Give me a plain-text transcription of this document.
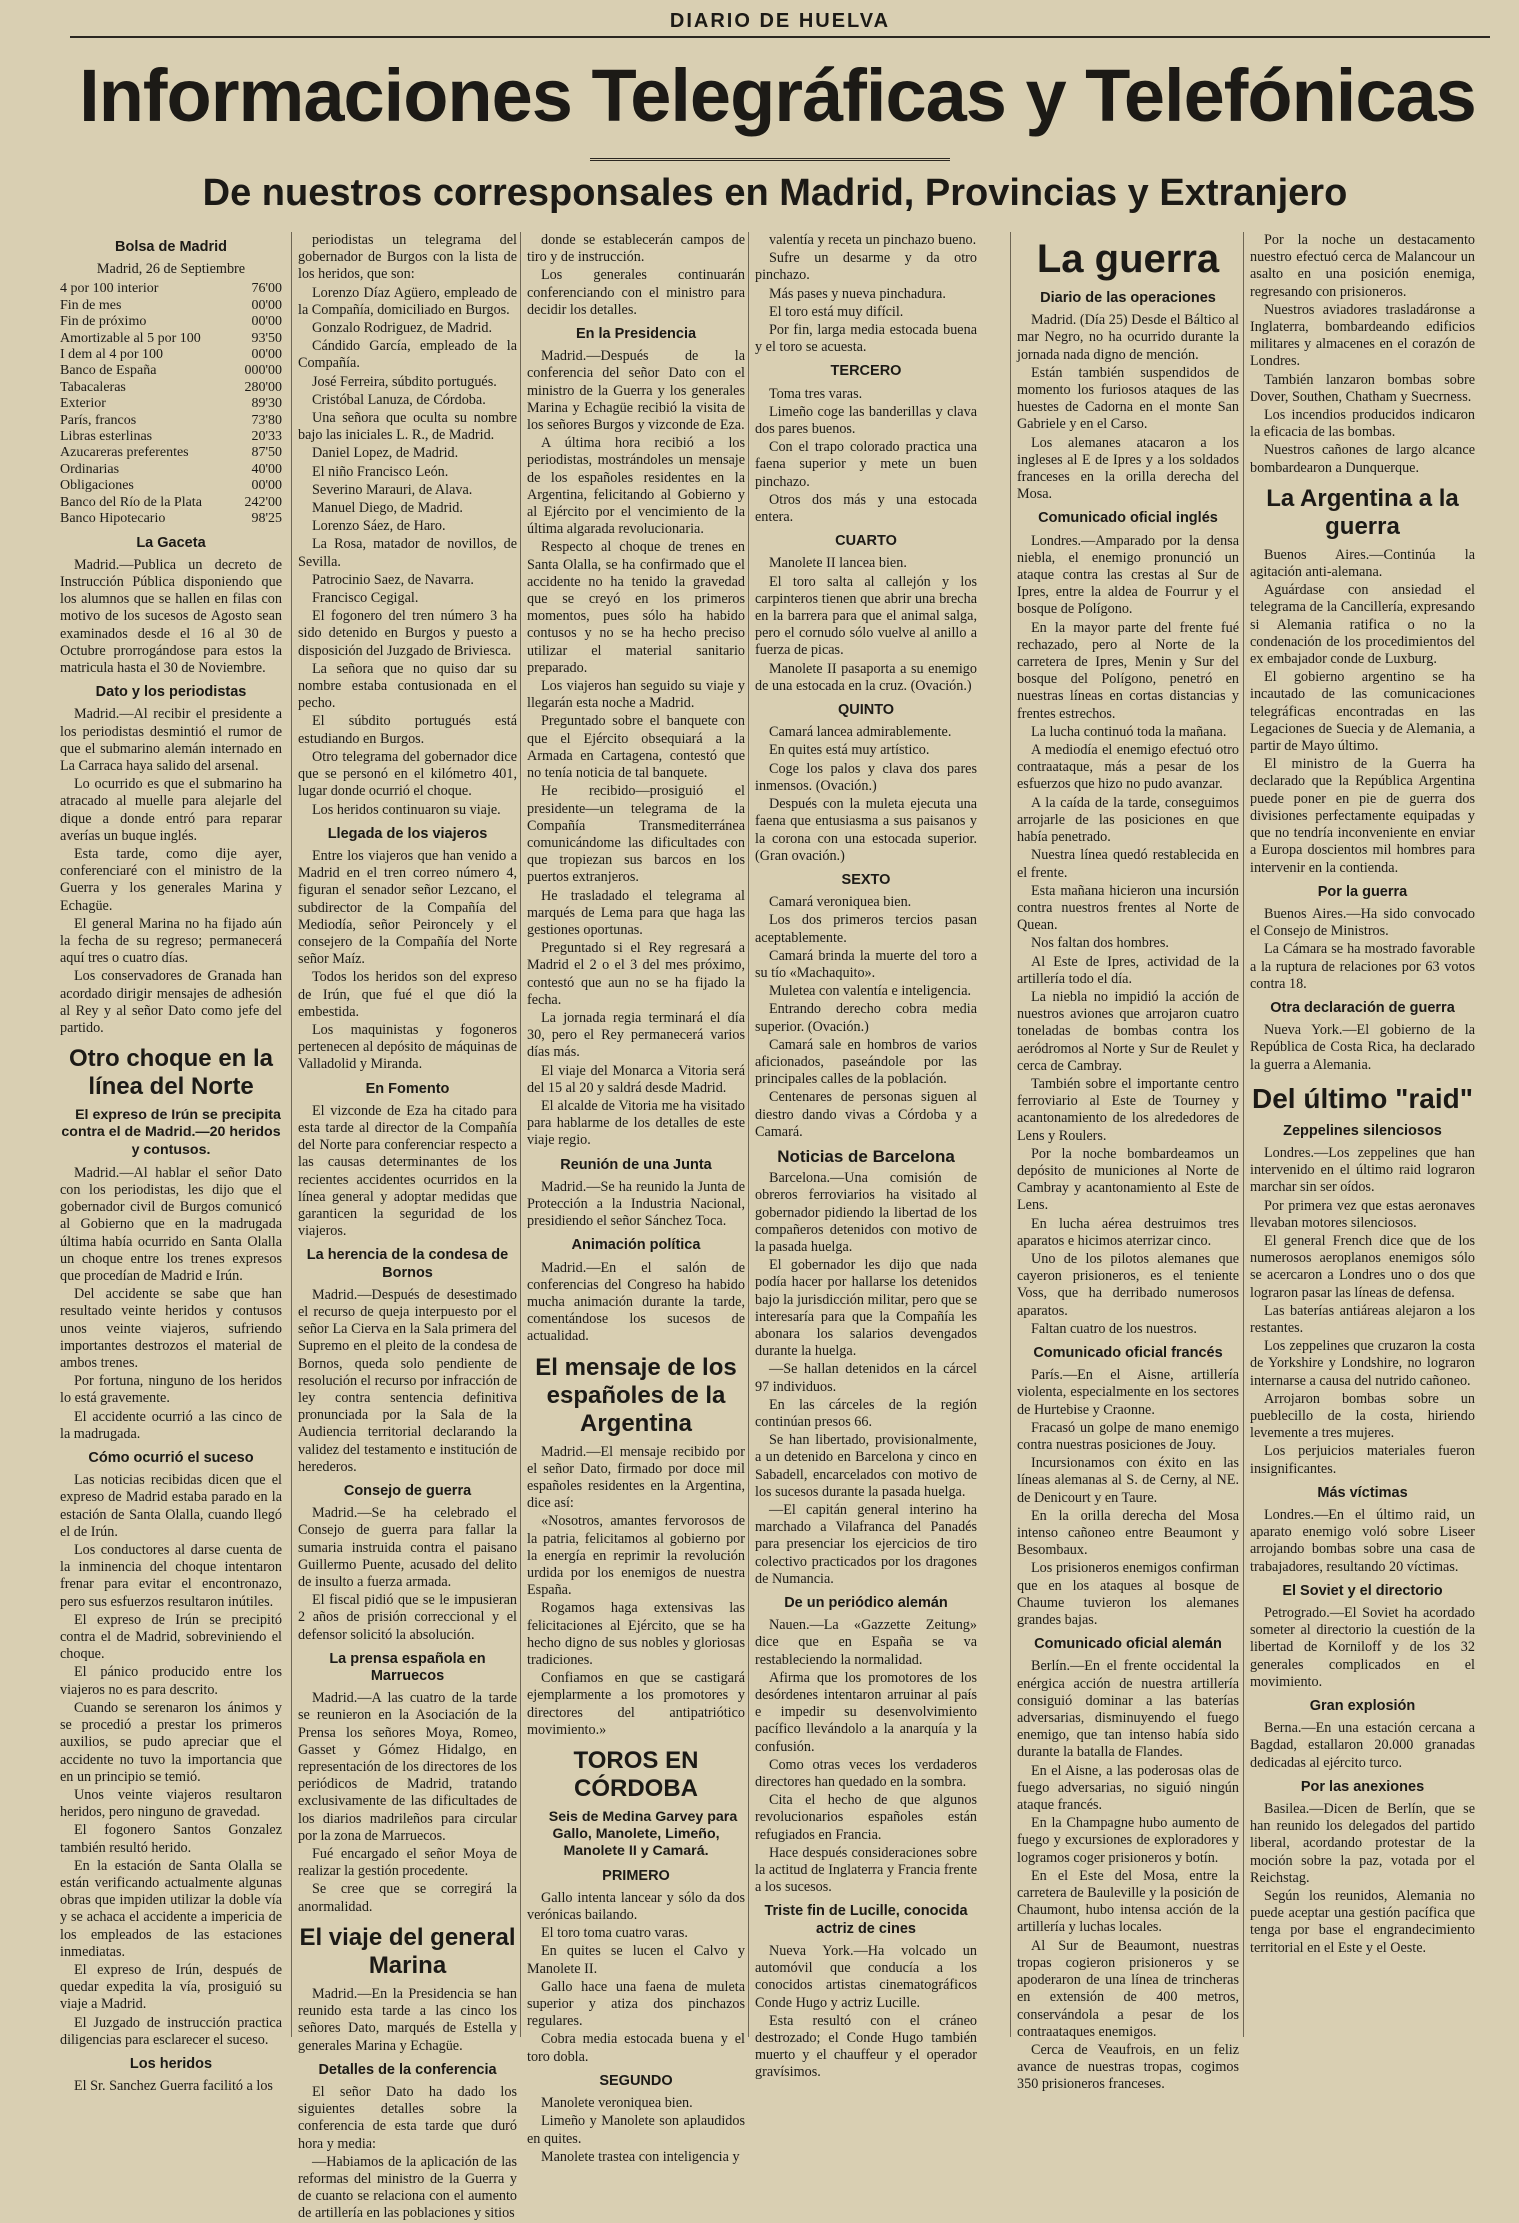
DIARIO DE HUELVA
Informaciones Telegráficas y Telefónicas
De nuestros corresponsales en Madrid, Provincias y Extranjero
Bolsa de Madrid

Madrid, 26 de Septiembre

4 por 100 interior	76'00
Fin de mes	00'00
Fin de próximo	00'00
Amortizable al 5 por 100	93'50
I dem al 4 por 100	00'00
Banco de España	000'00
Tabacaleras	280'00
Exterior	89'30
París, francos	73'80
Libras esterlinas	20'33
Azucareras preferentes	87'50
Ordinarias	40'00
Obligaciones	00'00
Banco del Río de la Plata	242'00
Banco Hipotecario	98'25
La Gaceta

Madrid.—Publica un decreto de Instrucción Pública disponiendo que los alumnos que se hallen en filas con motivo de los sucesos de Agosto sean examinados desde el 16 al 30 de Octubre prorrogándose para estos la matricula hasta el 30 de Noviembre.

Dato y los periodistas

Madrid.—Al recibir el presidente a los periodistas desmintió el rumor de que el submarino alemán internado en La Carraca haya salido del arsenal.

Lo ocurrido es que el submarino ha atracado al muelle para alejarle del dique a donde entró para reparar averías un buque inglés.

Esta tarde, como dije ayer, conferenciaré con el ministro de la Guerra y los generales Marina y Echagüe.

El general Marina no ha fijado aún la fecha de su regreso; permanecerá aquí tres o cuatro días.

Los conservadores de Granada han acordado dirigir mensajes de adhesión al Rey y al señor Dato como jefe del partido.

Otro choque en la línea del Norte

El expreso de Irún se precipita contra el de Madrid.—20 heridos y contusos.

Madrid.—Al hablar el señor Dato con los periodistas, les dijo que el gobernador civil de Burgos comunicó al Gobierno que en la madrugada última había ocurrido en Santa Olalla un choque entre los trenes expresos que procedían de Madrid e Irún.

Del accidente se sabe que han resultado veinte heridos y contusos unos veinte viajeros, sufriendo importantes destrozos el material de ambos trenes.

Por fortuna, ninguno de los heridos lo está gravemente.

El accidente ocurrió a las cinco de la madrugada.

Cómo ocurrió el suceso

Las noticias recibidas dicen que el expreso de Madrid estaba parado en la estación de Santa Olalla, cuando llegó el de Irún.

Los conductores al darse cuenta de la inminencia del choque intentaron frenar para evitar el encontronazo, pero sus esfuerzos resultaron inútiles.

El expreso de Irún se precipitó contra el de Madrid, sobreviniendo el choque.

El pánico producido entre los viajeros no es para descrito.

Cuando se serenaron los ánimos y se procedió a prestar los primeros auxilios, se pudo apreciar que el accidente no tuvo la importancia que en un principio se temió.

Unos veinte viajeros resultaron heridos, pero ninguno de gravedad.

El fogonero Santos Gonzalez también resultó herido.

En la estación de Santa Olalla se están verificando actualmente algunas obras que impiden utilizar la doble vía y se achaca el accidente a impericia de los empleados de las estaciones inmediatas.

El expreso de Irún, después de quedar expedita la vía, prosiguió su viaje a Madrid.

El Juzgado de instrucción practica diligencias para esclarecer el suceso.

Los heridos

El Sr. Sanchez Guerra facilitó a los

periodistas un telegrama del gobernador de Burgos con la lista de los heridos, que son:

Lorenzo Díaz Agüero, empleado de la Compañía, domiciliado en Burgos.

Gonzalo Rodriguez, de Madrid.

Cándido García, empleado de la Compañía.

José Ferreira, súbdito portugués.

Cristóbal Lanuza, de Córdoba.

Una señora que oculta su nombre bajo las iniciales L. R., de Madrid.

Daniel Lopez, de Madrid.

El niño Francisco León.

Severino Marauri, de Alava.

Manuel Diego, de Madrid.

Lorenzo Sáez, de Haro.

La Rosa, matador de novillos, de Sevilla.

Patrocinio Saez, de Navarra.

Francisco Cegigal.

El fogonero del tren número 3 ha sido detenido en Burgos y puesto a disposición del Juzgado de Briviesca.

La señora que no quiso dar su nombre estaba contusionada en el pecho.

El súbdito portugués está estudiando en Burgos.

Otro telegrama del gobernador dice que se personó en el kilómetro 401, lugar donde ocurrió el choque.

Los heridos continuaron su viaje.

Llegada de los viajeros

Entre los viajeros que han venido a Madrid en el tren correo número 4, figuran el senador señor Lezcano, el subdirector de la Compañía del Mediodía, señor Peironcely y el consejero de la Compañía del Norte señor Maíz.

Todos los heridos son del expreso de Irún, que fué el que dió la embestida.

Los maquinistas y fogoneros pertenecen al depósito de máquinas de Valladolid y Miranda.

En Fomento

El vizconde de Eza ha citado para esta tarde al director de la Compañía del Norte para conferenciar respecto a las causas determinantes de los recientes accidentes ocurridos en la línea general y adoptar medidas que garanticen la seguridad de los viajeros.

La herencia de la condesa de Bornos

Madrid.—Después de desestimado el recurso de queja interpuesto por el señor La Cierva en la Sala primera del Supremo en el pleito de la condesa de Bornos, queda solo pendiente de resolución el recurso por infracción de ley contra sentencia definitiva pronunciada por la Sala de la Audiencia territorial declarando la validez del testamento e institución de herederos.

Consejo de guerra

Madrid.—Se ha celebrado el Consejo de guerra para fallar la sumaria instruida contra el paisano Guillermo Puente, acusado del delito de insulto a fuerza armada.

El fiscal pidió que se le impusieran 2 años de prisión correccional y el defensor solicitó la absolución.

La prensa española en Marruecos

Madrid.—A las cuatro de la tarde se reunieron en la Asociación de la Prensa los señores Moya, Romeo, Gasset y Gómez Hidalgo, en representación de los directores de los periódicos de Madrid, tratando exclusivamente de las dificultades de los diarios madrileños para circular por la zona de Marruecos.

Fué encargado el señor Moya de realizar la gestión procedente.

Se cree que se corregirá la anormalidad.

El viaje del general Marina

Madrid.—En la Presidencia se han reunido esta tarde a las cinco los señores Dato, marqués de Estella y generales Marina y Echagüe.

Detalles de la conferencia

El señor Dato ha dado los siguientes detalles sobre la conferencia de esta tarde que duró hora y media:

—Habiamos de la aplicación de las reformas del ministro de la Guerra y de cuanto se relaciona con el aumento de artillería en las poblaciones y sitios

donde se establecerán campos de tiro y de instrucción.

Los generales continuarán conferenciando con el ministro para decidir los detalles.

En la Presidencia

Madrid.—Después de la conferencia del señor Dato con el ministro de la Guerra y los generales Marina y Echagüe recibió la visita de los señores Burgos y vizconde de Eza.

A última hora recibió a los periodistas, mostrándoles un mensaje de los españoles residentes en la Argentina, felicitando al Gobierno y al Ejército por el vencimiento de la última algarada revolucionaria.

Respecto al choque de trenes en Santa Olalla, se ha confirmado que el accidente no ha tenido la gravedad que se creyó en los primeros momentos, pues sólo ha habido contusos y no se ha hecho preciso utilizar el material sanitario preparado.

Los viajeros han seguido su viaje y llegarán esta noche a Madrid.

Preguntado sobre el banquete con que el Ejército obsequiará a la Armada en Cartagena, contestó que no tenía noticia de tal banquete.

He recibido—prosiguió el presidente—un telegrama de la Compañía Transmediterránea comunicándome las dificultades con que tropiezan sus barcos en los puertos extranjeros.

He trasladado el telegrama al marqués de Lema para que haga las gestiones oportunas.

Preguntado si el Rey regresará a Madrid el 2 o el 3 del mes próximo, contestó que aun no se ha fijado la fecha.

La jornada regia terminará el día 30, pero el Rey permanecerá varios días más.

El viaje del Monarca a Vitoria será del 15 al 20 y saldrá desde Madrid.

El alcalde de Vitoria me ha visitado para hablarme de los detalles de este viaje regio.

Reunión de una Junta

Madrid.—Se ha reunido la Junta de Protección a la Industria Nacional, presidiendo el señor Sánchez Toca.

Animación política

Madrid.—En el salón de conferencias del Congreso ha habido mucha animación durante la tarde, comentándose los sucesos de actualidad.

El mensaje de los españoles de la Argentina

Madrid.—El mensaje recibido por el señor Dato, firmado por doce mil españoles residentes en la Argentina, dice así:

«Nosotros, amantes fervorosos de la patria, felicitamos al gobierno por la energía en reprimir la revolución urdida por los enemigos de nuestra España.

Rogamos haga extensivas las felicitaciones al Ejército, que se ha hecho digno de sus nobles y gloriosas tradiciones.

Confiamos en que se castigará ejemplarmente a los promotores y directores del antipatriótico movimiento.»

TOROS EN CÓRDOBA

Seis de Medina Garvey para Gallo, Manolete, Limeño, Manolete II y Camará.

PRIMERO

Gallo intenta lancear y sólo da dos verónicas bailando.

El toro toma cuatro varas.

En quites se lucen el Calvo y Manolete II.

Gallo hace una faena de muleta superior y atiza dos pinchazos regulares.

Cobra media estocada buena y el toro dobla.

SEGUNDO

Manolete veroniquea bien.

Limeño y Manolete son aplaudidos en quites.

Manolete trastea con inteligencia y

valentía y receta un pinchazo bueno.

Sufre un desarme y da otro pinchazo.

Más pases y nueva pinchadura.

El toro está muy difícil.

Por fin, larga media estocada buena y el toro se acuesta.

TERCERO

Toma tres varas.

Limeño coge las banderillas y clava dos pares buenos.

Con el trapo colorado practica una faena superior y mete un buen pinchazo.

Otros dos más y una estocada entera.

CUARTO

Manolete II lancea bien.

El toro salta al callejón y los carpinteros tienen que abrir una brecha en la barrera para que el animal salga, pero el cornudo sólo vuelve al anillo a fuerza de picas.

Manolete II pasaporta a su enemigo de una estocada en la cruz. (Ovación.)

QUINTO

Camará lancea admirablemente.

En quites está muy artístico.

Coge los palos y clava dos pares inmensos. (Ovación.)

Después con la muleta ejecuta una faena que entusiasma a sus paisanos y la corona con una estocada superior. (Gran ovación.)

SEXTO

Camará veroniquea bien.

Los dos primeros tercios pasan aceptablemente.

Camará brinda la muerte del toro a su tío «Machaquito».

Muletea con valentía e inteligencia.

Entrando derecho cobra media superior. (Ovación.)

Camará sale en hombros de varios aficionados, paseándole por las principales calles de la población.

Centenares de personas siguen al diestro dando vivas a Córdoba y a Camará.

Noticias de Barcelona

Barcelona.—Una comisión de obreros ferroviarios ha visitado al gobernador pidiendo la libertad de los compañeros detenidos con motivo de la pasada huelga.

El gobernador les dijo que nada podía hacer por hallarse los detenidos bajo la jurisdicción militar, pero que se interesaría para que la Compañía les abonara los salarios devengados durante la huelga.

—Se hallan detenidos en la cárcel 97 individuos.

En las cárceles de la región continúan presos 66.

Se han libertado, provisionalmente, a un detenido en Barcelona y cinco en Sabadell, encarcelados con motivo de los sucesos durante la pasada huelga.

—El capitán general interino ha marchado a Vilafranca del Panadés para presenciar los ejercicios de tiro colectivo practicados por los dragones de Numancia.

De un periódico alemán

Nauen.—La «Gazzette Zeitung» dice que en España se va restableciendo la normalidad.

Afirma que los promotores de los desórdenes intentaron arruinar al país e impedir su desenvolvimiento pacífico llevándolo a la anarquía y la confusión.

Como otras veces los verdaderos directores han quedado en la sombra.

Cita el hecho de que algunos revolucionarios españoles están refugiados en Francia.

Hace después consideraciones sobre la actitud de Inglaterra y Francia frente a los sucesos.

Triste fin de Lucille, conocida actriz de cines

Nueva York.—Ha volcado un automóvil que conducía a los conocidos artistas cinematográficos Conde Hugo y actriz Lucille.

Esta resultó con el cráneo destrozado; el Conde Hugo también muerto y el chauffeur y el operador gravísimos.

La guerra
Diario de las operaciones

Madrid. (Día 25) Desde el Báltico al mar Negro, no ha ocurrido durante la jornada nada digno de mención.

Están también suspendidos de momento los furiosos ataques de las huestes de Cadorna en el monte San Gabriele y en el Carso.

Los alemanes atacaron a los ingleses al E de Ipres y a los soldados franceses en la orilla derecha del Mosa.

Comunicado oficial inglés

Londres.—Amparado por la densa niebla, el enemigo pronunció un ataque contra las crestas al Sur de Ipres, entre la aldea de Fourrur y el bosque de Polígono.

En la mayor parte del frente fué rechazado, pero al Norte de la carretera de Ipres, Menin y Sur del bosque del Polígono, penetró en nuestras líneas en cortas distancias y frentes estrechos.

La lucha continuó toda la mañana.

A mediodía el enemigo efectuó otro contraataque, más a pesar de los esfuerzos que hizo no pudo avanzar.

A la caída de la tarde, conseguimos arrojarle de las posiciones en que había penetrado.

Nuestra línea quedó restablecida en el frente.

Esta mañana hicieron una incursión contra nuestros frentes al Norte de Quean.

Nos faltan dos hombres.

Al Este de Ipres, actividad de la artillería todo el día.

La niebla no impidió la acción de nuestros aviones que arrojaron cuatro toneladas de bombas contra los aeródromos al Norte y Sur de Reulet y cerca de Cambray.

También sobre el importante centro ferroviario al Este de Tourney y acantonamiento de los alrededores de Lens y Roulers.

Por la noche bombardeamos un depósito de municiones al Norte de Cambray y acantonamiento al Este de Lens.

En lucha aérea destruimos tres aparatos e hicimos aterrizar cinco.

Uno de los pilotos alemanes que cayeron prisioneros, es el teniente Voss, que ha derribado numerosos aparatos.

Faltan cuatro de los nuestros.

Comunicado oficial francés

París.—En el Aisne, artillería violenta, especialmente en los sectores de Hurtebise y Craonne.

Fracasó un golpe de mano enemigo contra nuestras posiciones de Jouy.

Incursionamos con éxito en las líneas alemanas al S. de Cerny, al NE. de Denicourt y en Taure.

En la orilla derecha del Mosa intenso cañoneo entre Beaumont y Besombaux.

Los prisioneros enemigos confirman que en los ataques al bosque de Chaume tuvieron los alemanes grandes bajas.

Comunicado oficial alemán

Berlín.—En el frente occidental la enérgica acción de nuestra artillería consiguió dominar a las baterías adversarias, disminuyendo el fuego enemigo, que tan intenso había sido durante la batalla de Flandes.

En el Aisne, a las poderosas olas de fuego adversarias, no siguió ningún ataque francés.

En la Champagne hubo aumento de fuego y excursiones de exploradores y logramos coger prisioneros y botín.

En el Este del Mosa, entre la carretera de Bauleville y la posición de Chaumont, hubo intensa acción de la artillería y luchas locales.

Al Sur de Beaumont, nuestras tropas cogieron prisioneros y se apoderaron de una línea de trincheras en extensión de 400 metros, conservándola a pesar de los contraataques enemigos.

Cerca de Veaufrois, en un feliz avance de nuestras tropas, cogimos 350 prisioneros franceses.

Por la noche un destacamento nuestro efectuó cerca de Malancour un asalto en una posición enemiga, regresando con prisioneros.

Nuestros aviadores trasladáronse a Inglaterra, bombardeando edificios militares y almacenes en el corazón de Londres.

También lanzaron bombas sobre Dover, Southen, Chatham y Suecrness.

Los incendios producidos indicaron la eficacia de las bombas.

Nuestros cañones de largo alcance bombardearon a Dunquerque.

La Argentina a la guerra

Buenos Aires.—Continúa la agitación anti-alemana.

Aguárdase con ansiedad el telegrama de la Cancillería, expresando si Alemania ratifica o no la condenación de los procedimientos del ex embajador conde de Luxburg.

El gobierno argentino se ha incautado de las comunicaciones telegráficas encontradas en las Legaciones de Suecia y de Alemania, a partir de Mayo último.

El ministro de la Guerra ha declarado que la República Argentina puede poner en pie de guerra dos divisiones perfectamente equipadas y que no tendría inconveniente en enviar a Europa doscientos mil hombres para intervenir en la contienda.

Por la guerra

Buenos Aires.—Ha sido convocado el Consejo de Ministros.

La Cámara se ha mostrado favorable a la ruptura de relaciones por 63 votos contra 18.

Otra declaración de guerra

Nueva York.—El gobierno de la República de Costa Rica, ha declarado la guerra a Alemania.

Del último "raid"
Zeppelines silenciosos

Londres.—Los zeppelines que han intervenido en el último raid lograron marchar sin ser oídos.

Por primera vez que estas aeronaves llevaban motores silenciosos.

El general French dice que de los numerosos aeroplanos enemigos sólo se acercaron a Londres uno o dos que lograron pasar las líneas de defensa.

Las baterías antiáreas alejaron a los restantes.

Los zeppelines que cruzaron la costa de Yorkshire y Londshire, no lograron internarse a causa del nutrido cañoneo.

Arrojaron bombas sobre un pueblecillo de la costa, hiriendo levemente a tres mujeres.

Los perjuicios materiales fueron insignificantes.

Más víctimas

Londres.—En el último raid, un aparato enemigo voló sobre Liseer arrojando bombas sobre una casa de trabajadores, resultando 20 víctimas.

El Soviet y el directorio

Petrogrado.—El Soviet ha acordado someter al directorio la cuestión de la libertad de Korniloff y de los 32 generales complicados en el movimiento.

Gran explosión

Berna.—En una estación cercana a Bagdad, estallaron 20.000 granadas dedicadas al ejército turco.

Por las anexiones

Basilea.—Dicen de Berlín, que se han reunido los delegados del partido liberal, acordando protestar de la moción sobre la paz, votada por el Reichstag.

Según los reunidos, Alemania no puede aceptar una gestión pacífica que tenga por base el engrandecimiento territorial en el Este y el Oeste.
